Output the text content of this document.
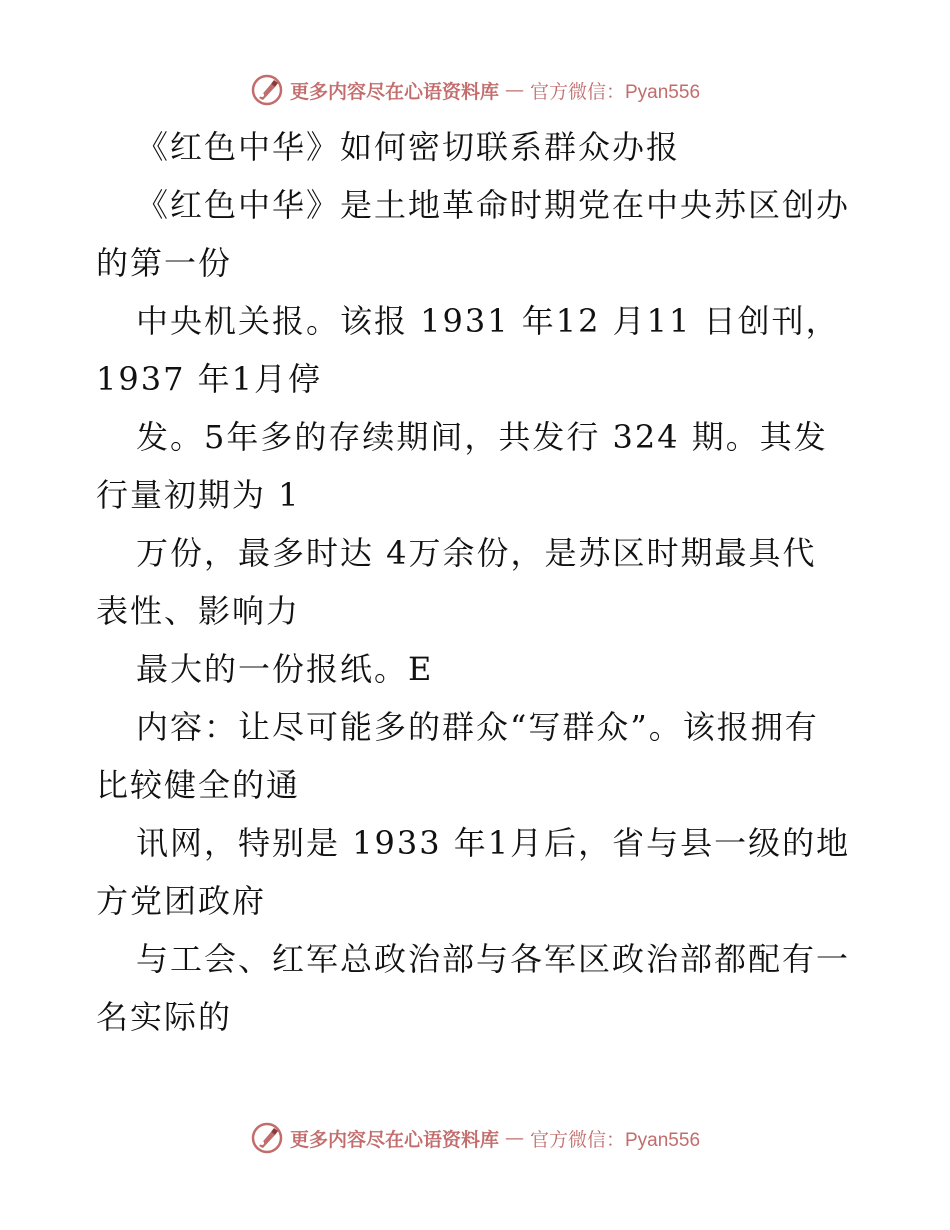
更多内容尽在心语资料库 — 官方微信：Pyan556
《红色中华》如何密切联系群众办报
《红色中华》是土地革命时期党在中央苏区创办
的第一份
中央机关报。该报 1931 年12 月11 日创刊，
1937 年1月停
发。5年多的存续期间，共发行 324 期。其发
行量初期为 1
万份，最多时达 4万余份，是苏区时期最具代
表性、影响力
最大的一份报纸。E
内容：让尽可能多的群众“写群众”。该报拥有
比较健全的通
讯网，特别是 1933 年1月后，省与县一级的地
方党团政府
与工会、红军总政治部与各军区政治部都配有一
名实际的
更多内容尽在心语资料库 — 官方微信：Pyan556
